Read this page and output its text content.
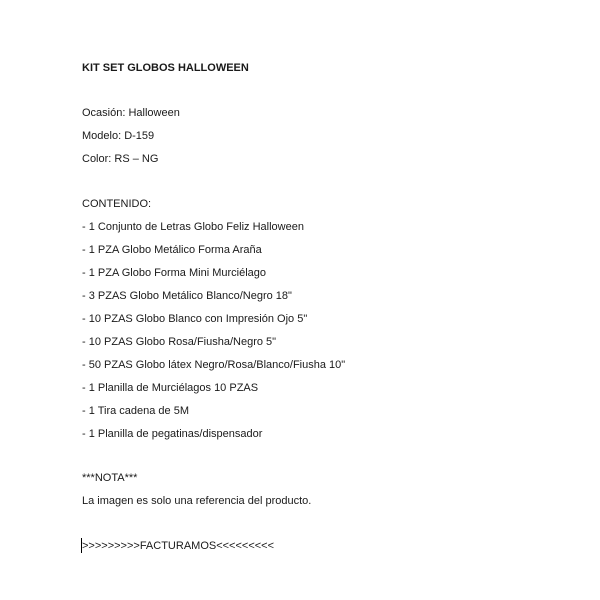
KIT SET GLOBOS HALLOWEEN
Ocasión: Halloween
Modelo: D-159
Color: RS – NG
CONTENIDO:
- 1 Conjunto de Letras Globo Feliz Halloween
- 1 PZA Globo Metálico Forma Araña
- 1 PZA Globo Forma Mini Murciélago
- 3 PZAS Globo Metálico Blanco/Negro 18"
- 10 PZAS Globo Blanco con Impresión Ojo 5"
- 10 PZAS Globo Rosa/Fiusha/Negro 5"
- 50 PZAS Globo látex Negro/Rosa/Blanco/Fiusha 10"
- 1 Planilla de Murciélagos 10 PZAS
- 1 Tira cadena de 5M
- 1 Planilla de pegatinas/dispensador
***NOTA***
La imagen es solo una referencia del producto.
>>>>>>>>>FACTURAMOS<<<<<<<<<
